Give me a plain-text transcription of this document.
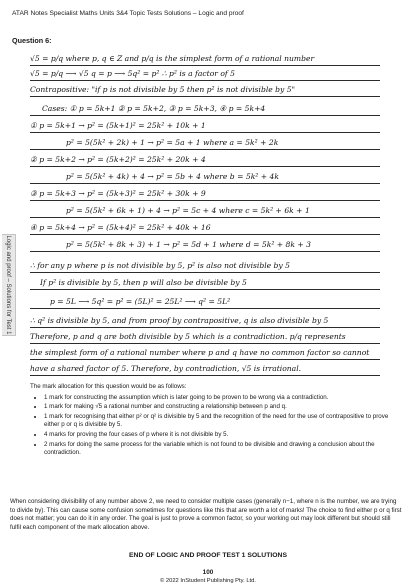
ATAR Notes Specialist Maths Units 3&4 Topic Tests Solutions – Logic and proof
Question 6:
Logic and proof – Solutions for Test 1
√5 = p/q where p, q ∈ Z and p/q is the simplest form of a rational number
√5 = p/q ⟶ √5 q = p ⟶ 5q² = p² ∴ p² is a factor of 5
Contrapositive: "if p is not divisible by 5 then p² is not divisible by 5"
Cases: ① p = 5k+1 ② p = 5k+2, ③ p = 5k+3, ④ p = 5k+4
① p = 5k+1 → p² = (5k+1)² = 25k² + 10k + 1
p² = 5(5k² + 2k) + 1 → p² = 5a + 1 where a = 5k² + 2k
② p = 5k+2 → p² = (5k+2)² = 25k² + 20k + 4
p² = 5(5k² + 4k) + 4 → p² = 5b + 4 where b = 5k² + 4k
③ p = 5k+3 → p² = (5k+3)² = 25k² + 30k + 9
p² = 5(5k² + 6k + 1) + 4 → p² = 5c + 4 where c = 5k² + 6k + 1
④ p = 5k+4 → p² = (5k+4)² = 25k² + 40k + 16
p² = 5(5k² + 8k + 3) + 1 → p² = 5d + 1 where d = 5k² + 8k + 3
∴ for any p where p is not divisible by 5, p² is also not divisible by 5
If p² is divisible by 5, then p will also be divisible by 5
p = 5L ⟶ 5q² = p² = (5L)² = 25L² ⟶ q² = 5L²
∴ q² is divisible by 5, and from proof by contrapositive, q is also divisible by 5
Therefore, p and q are both divisible by 5 which is a contradiction. p/q represents
the simplest form of a rational number where p and q have no common factor so cannot
have a shared factor of 5. Therefore, by contradiction, √5 is irrational.
The mark allocation for this question would be as follows:
• 1 mark for constructing the assumption which is later going to be proven to be wrong via a contradiction.
• 1 mark for making √5 a rational number and constructing a relationship between p and q.
• 1 mark for recognising that either p² or q² is divisible by 5 and the recognition of the need for the use of contrapositive to prove either p or q is divisible by 5.
• 4 marks for proving the four cases of p where it is not divisible by 5.
• 2 marks for doing the same process for the variable which is not found to be divisible and drawing a conclusion about the contradiction.
When considering divisibility of any number above 2, we need to consider multiple cases (generally n−1, where n is the number, we are trying to divide by). This can cause some confusion sometimes for questions like this that are worth a lot of marks! The choice to find either p or q first does not matter; you can do it in any order. The goal is just to prove a common factor, so your working out may look different but should still fulfil each component of the mark allocation above.
END OF LOGIC AND PROOF TEST 1 SOLUTIONS
100
© 2022 InStudent Publishing Pty. Ltd.
